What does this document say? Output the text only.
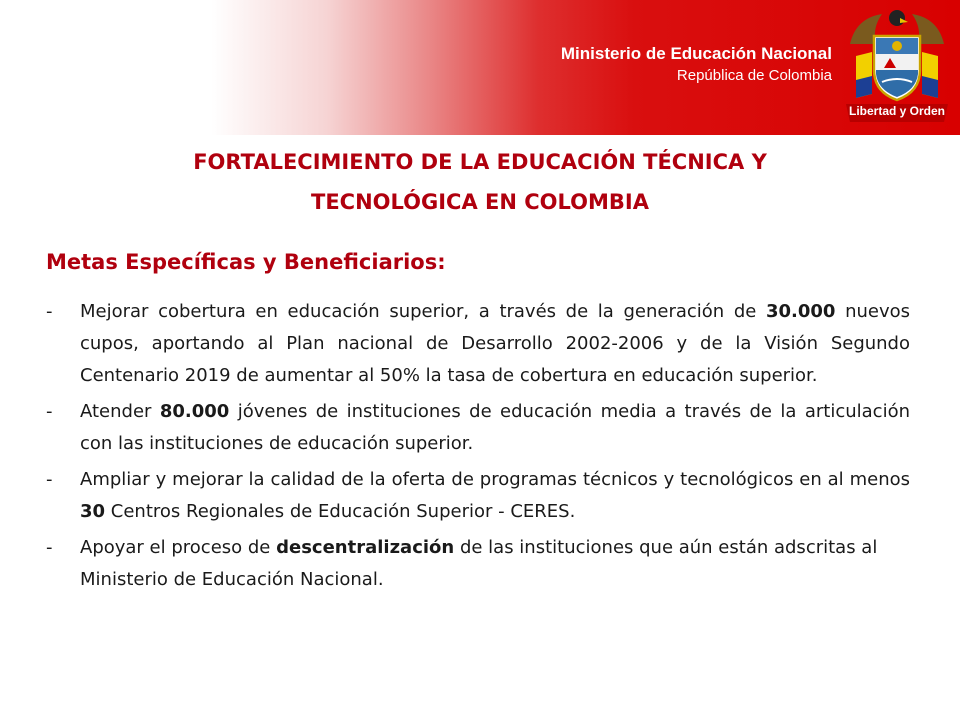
Ministerio de Educación Nacional
República de Colombia
Libertad y Orden
FORTALECIMIENTO DE LA EDUCACIÓN TÉCNICA Y
TECNOLÓGICA EN COLOMBIA
Metas Específicas y Beneficiarios:
- Mejorar cobertura en educación superior, a través de la generación de 30.000 nuevos cupos, aportando al Plan nacional de Desarrollo 2002-2006 y de la Visión Segundo Centenario 2019 de aumentar al 50% la tasa de cobertura en educación superior.
- Atender 80.000 jóvenes de instituciones de educación media a través de la articulación con las instituciones de educación superior.
- Ampliar y mejorar la calidad de la oferta de programas técnicos y tecnológicos en al menos 30 Centros Regionales de Educación Superior - CERES.
- Apoyar el proceso de descentralización de las instituciones que aún están adscritas al Ministerio de Educación Nacional.
